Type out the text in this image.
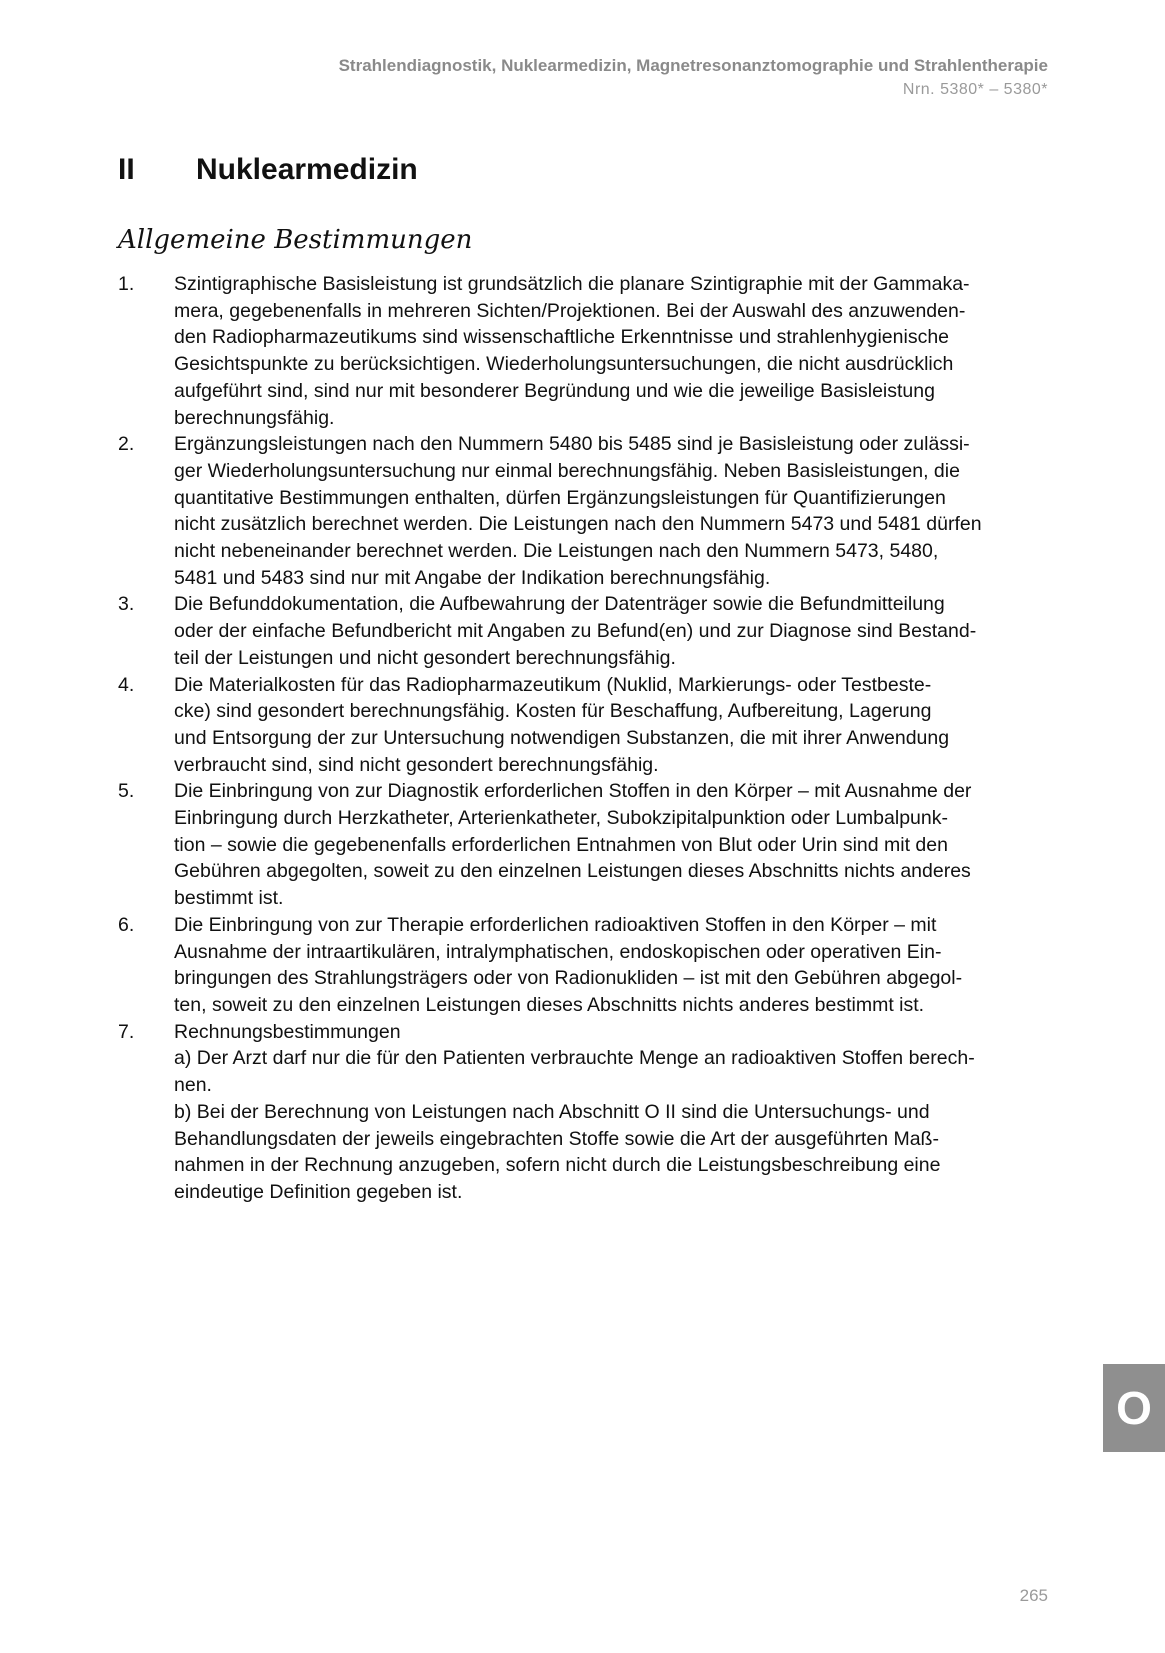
Strahlendiagnostik, Nuklearmedizin, Magnetresonanztomographie und Strahlentherapie
Nrn. 5380* – 5380*
II Nuklearmedizin
Allgemeine Bestimmungen
1. Szintigraphische Basisleistung ist grundsätzlich die planare Szintigraphie mit der Gammaka-
mera, gegebenenfalls in mehreren Sichten/Projektionen. Bei der Auswahl des anzuwenden-
den Radiopharmazeutikums sind wissenschaftliche Erkenntnisse und strahlenhygienische
Gesichtspunkte zu berücksichtigen. Wiederholungsuntersuchungen, die nicht ausdrücklich
aufgeführt sind, sind nur mit besonderer Begründung und wie die jeweilige Basisleistung
berechnungsfähig.
2. Ergänzungsleistungen nach den Nummern 5480 bis 5485 sind je Basisleistung oder zulässi-
ger Wiederholungsuntersuchung nur einmal berechnungsfähig. Neben Basisleistungen, die
quantitative Bestimmungen enthalten, dürfen Ergänzungsleistungen für Quantifizierungen
nicht zusätzlich berechnet werden. Die Leistungen nach den Nummern 5473 und 5481 dürfen
nicht nebeneinander berechnet werden. Die Leistungen nach den Nummern 5473, 5480,
5481 und 5483 sind nur mit Angabe der Indikation berechnungsfähig.
3. Die Befunddokumentation, die Aufbewahrung der Datenträger sowie die Befundmitteilung
oder der einfache Befundbericht mit Angaben zu Befund(en) und zur Diagnose sind Bestand-
teil der Leistungen und nicht gesondert berechnungsfähig.
4. Die Materialkosten für das Radiopharmazeutikum (Nuklid, Markierungs- oder Testbeste-
cke) sind gesondert berechnungsfähig. Kosten für Beschaffung, Aufbereitung, Lagerung
und Entsorgung der zur Untersuchung notwendigen Substanzen, die mit ihrer Anwendung
verbraucht sind, sind nicht gesondert berechnungsfähig.
5. Die Einbringung von zur Diagnostik erforderlichen Stoffen in den Körper – mit Ausnahme der
Einbringung durch Herzkatheter, Arterienkatheter, Subokzipitalpunktion oder Lumbalpunk-
tion – sowie die gegebenenfalls erforderlichen Entnahmen von Blut oder Urin sind mit den
Gebühren abgegolten, soweit zu den einzelnen Leistungen dieses Abschnitts nichts anderes
bestimmt ist.
6. Die Einbringung von zur Therapie erforderlichen radioaktiven Stoffen in den Körper – mit
Ausnahme der intraartikulären, intralymphatischen, endoskopischen oder operativen Ein-
bringungen des Strahlungsträgers oder von Radionukliden – ist mit den Gebühren abgegol-
ten, soweit zu den einzelnen Leistungen dieses Abschnitts nichts anderes bestimmt ist.
7. Rechnungsbestimmungen
a) Der Arzt darf nur die für den Patienten verbrauchte Menge an radioaktiven Stoffen berech-
nen.
b) Bei der Berechnung von Leistungen nach Abschnitt O II sind die Untersuchungs- und
Behandlungsdaten der jeweils eingebrachten Stoffe sowie die Art der ausgeführten Maß-
nahmen in der Rechnung anzugeben, sofern nicht durch die Leistungsbeschreibung eine
eindeutige Definition gegeben ist.
O
265
